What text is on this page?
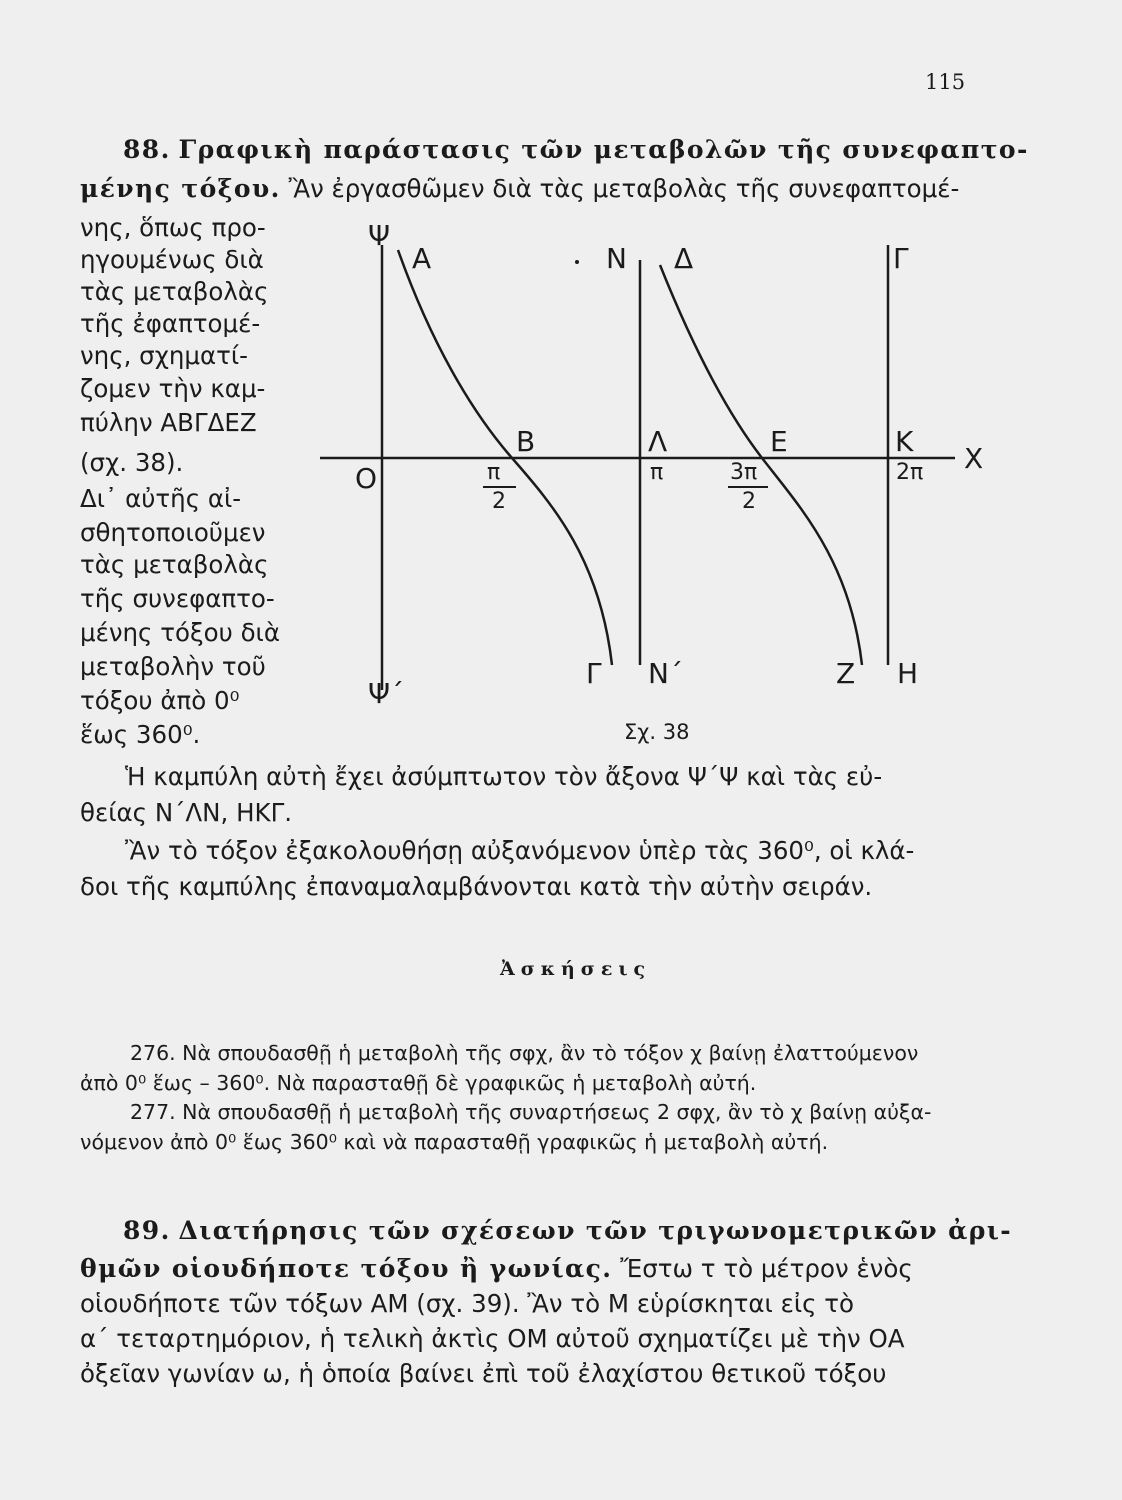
115
88. Γραφικὴ παράστασις τῶν μεταβολῶν τῆς συνεφαπτο-
μένης τόξου. Ἂν ἐργασθῶμεν διὰ τὰς μεταβολὰς τῆς συνεφαπτομέ-
νης, ὅπως προ-
ηγουμένως διὰ
τὰς μεταβολὰς
τῆς ἐφαπτομέ-
νης, σχηματί-
ζομεν τὴν καμ-
πύλην ΑΒΓΔΕΖ
(σχ. 38).
Δι᾿ αὐτῆς αἰ-
σθητοποιοῦμεν
τὰς μεταβολὰς
τῆς συνεφαπτο-
μένης τόξου διὰ
μεταβολὴν τοῦ
τόξου ἀπὸ 0⁰
ἕως 360⁰.
Ψ
Α	Ν Δ	Γ
Ο
Β	Λ	Ε	Κ
Χ
π
2
π	3π
2
2π
Γ Ν΄	Ζ Η
Ψ΄
Σχ. 38
Ἡ καμπύλη αὐτὴ ἔχει ἀσύμπτωτον τὸν ἄξονα Ψ΄Ψ καὶ τὰς εὐ-
θείας Ν΄ΛΝ, ΗΚΓ.
Ἂν τὸ τόξον ἐξακολουθήσῃ αὐξανόμενον ὑπὲρ τὰς 360⁰, οἱ κλά-
δοι τῆς καμπύλης ἐπαναμαλαμβάνονται κατὰ τὴν αὐτὴν σειράν.
Ἀσκήσεις
276. Νὰ σπουδασθῇ ἡ μεταβολὴ τῆς σφχ, ἂν τὸ τόξον χ βαίνῃ ἐλαττούμενον
ἀπὸ 0⁰ ἕως – 360⁰. Νὰ παρασταθῇ δὲ γραφικῶς ἡ μεταβολὴ αὐτή.
277. Νὰ σπουδασθῇ ἡ μεταβολὴ τῆς συναρτήσεως 2 σφχ, ἂν τὸ χ βαίνῃ αὐξα-
νόμενον ἀπὸ 0⁰ ἕως 360⁰ καὶ νὰ παρασταθῇ γραφικῶς ἡ μεταβολὴ αὐτή.
89. Διατήρησις τῶν σχέσεων τῶν τριγωνομετρικῶν ἀρι-
θμῶν οἱουδήποτε τόξου ἢ γωνίας. Ἔστω τ τὸ μέτρον ἑνὸς
οἱουδήποτε τῶν τόξων ΑΜ (σχ. 39). Ἂν τὸ Μ εὑρίσκηται εἰς τὸ
α΄ τεταρτημόριον, ἡ τελικὴ ἀκτὶς ΟΜ αὐτοῦ σχηματίζει μὲ τὴν ΟΑ
ὀξεῖαν γωνίαν ω, ἡ ὁποία βαίνει ἐπὶ τοῦ ἐλαχίστου θετικοῦ τόξου
